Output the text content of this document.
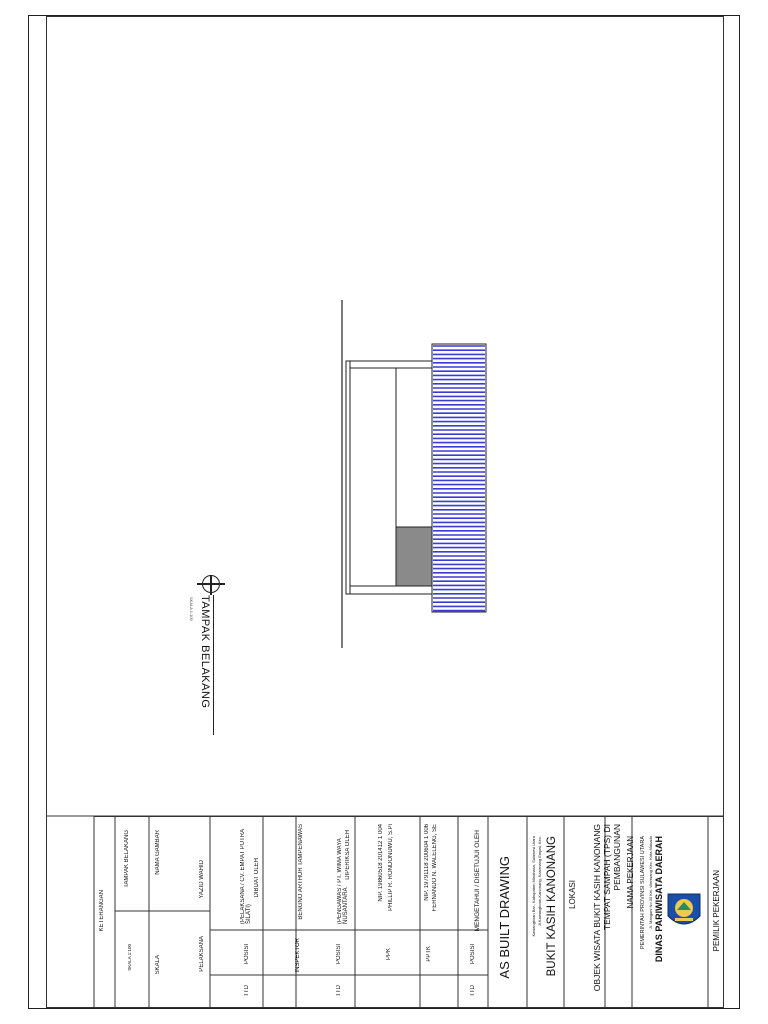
TAMPAK BELAKANG
SKALA 1:100
PEMILIK PEKERJAAN
DINAS PARIWISATA DAERAH
Jl. Manguni No.33 Kel. Wenwang Kec. Kota Manado
PEMERINTAH PROVINSI SULAWESI UTARA
NAMA PEKERJAAN
PEMBANGUNAN
TEMPAT SAMPAH (TPS) DI
OBJEK WISATA BUKIT KASIH KANONANG
LOKASI
BUKIT KASIH KANONANG
Jl.Kawangkoan-Kanonang, Kanonang Empat, Kec.
Kawangkoan Bar., Kabupaten Minahasa, Sulawesi Utara
AS BUILT DRAWING
MENGETAHUI / DISETUJUI OLEH
POSISI
TTD
FERNANDO N. WALELENG, SE
NIP. 19791118 200604 1 006
PPTK
PHILLIP R. RONDONUWU, S.Pi
NIP. 19860518 201412 1 004
PPK
DIPERIKSA OLEH
(PENGAWAS / PT. WIMA WAYA NUSANTARA
POSISI
TTD
BENGNO ARTHUR TAMPENAWAS
INSPEKTOR
DIBUAT OLEH
(PELAKSANA / CV. EMPAT PUTRA SILATI)
POSISI
TTD
YAZID WAHID
PELAKSANA
NAMA GAMBAR
TAMPAK BELAKANG
SKALA
SKALA 1:100
KETERANGAN
